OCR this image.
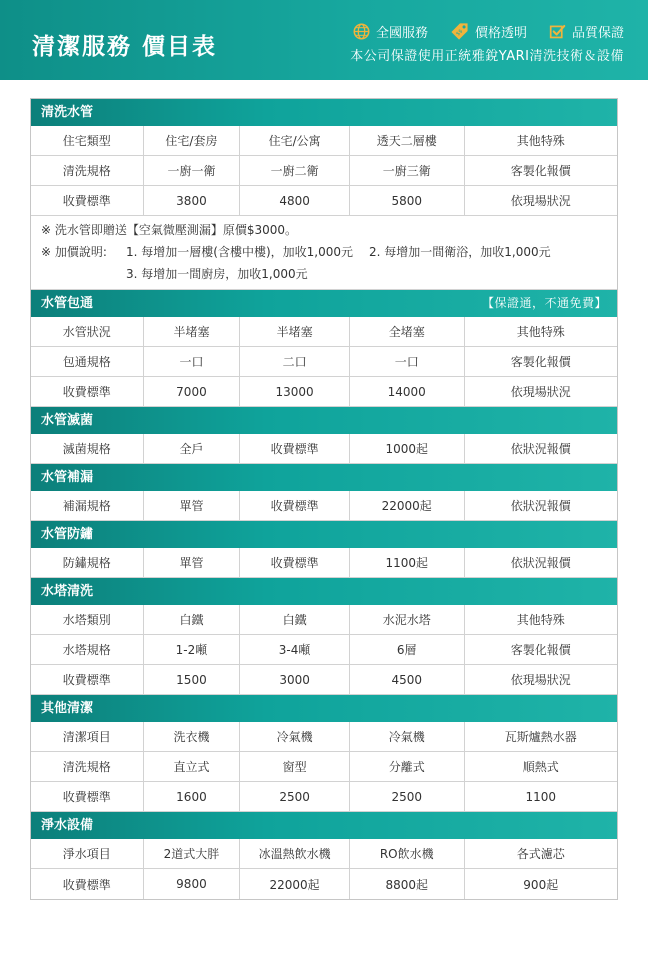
清潔服務 價目表
全國服務	$$ 價格透明	品質保證
本公司保證使用正統雅銳YARI清洗技術＆設備
清洗水管
住宅類型	住宅/套房	住宅/公寓	透天二層樓	其他特殊
清洗規格	一廚一衛	一廚二衛	一廚三衛	客製化報價
收費標準	3800	4800	5800	依現場狀況
※ 洗水管即贈送【空氣微壓測漏】原價$3000。
※ 加價說明: 1. 每增加一層樓(含樓中樓)，加收1,000元 2. 每增加一間衛浴，加收1,000元
3. 每增加一間廚房，加收1,000元
水管包通	【保證通，不通免費】
水管狀況	半堵塞	半堵塞	全堵塞	其他特殊
包通規格	一口	二口	一口	客製化報價
收費標準	7000	13000	14000	依現場狀況
水管滅菌
滅菌規格	全戶	收費標準	1000起	依狀況報價
水管補漏
補漏規格	單管	收費標準	22000起	依狀況報價
水管防鏽
防鏽規格	單管	收費標準	1100起	依狀況報價
水塔清洗
水塔類別	白鐵	白鐵	水泥水塔	其他特殊
水塔規格	1-2噸	3-4噸	6層	客製化報價
收費標準	1500	3000	4500	依現場狀況
其他清潔
清潔項目	洗衣機	冷氣機	冷氣機	瓦斯爐熱水器
清洗規格	直立式	窗型	分離式	順熱式
收費標準	1600	2500	2500	1100
淨水設備
淨水項目	2道式大胖	冰溫熱飲水機	RO飲水機	各式濾芯
收費標準	9800	22000起	8800起	900起
